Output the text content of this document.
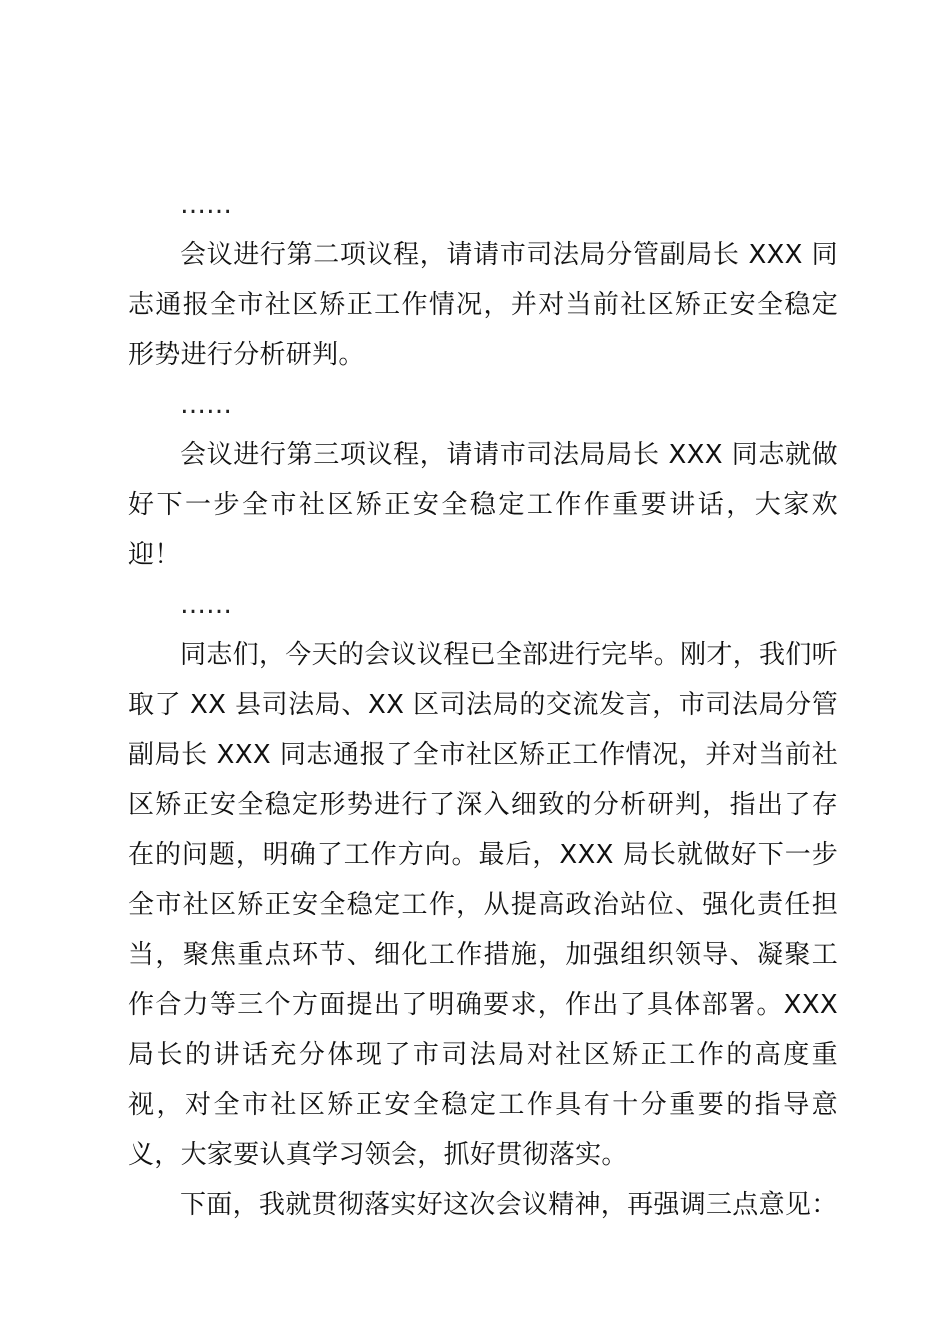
……

会议进行第二项议程，请请市司法局分管副局长 XXX 同志通报全市社区矫正工作情况，并对当前社区矫正安全稳定形势进行分析研判。

……

会议进行第三项议程，请请市司法局局长 XXX 同志就做好下一步全市社区矫正安全稳定工作作重要讲话，大家欢迎！

……

同志们，今天的会议议程已全部进行完毕。刚才，我们听取了 XX 县司法局、XX 区司法局的交流发言，市司法局分管副局长 XXX 同志通报了全市社区矫正工作情况，并对当前社区矫正安全稳定形势进行了深入细致的分析研判，指出了存在的问题，明确了工作方向。最后，XXX 局长就做好下一步全市社区矫正安全稳定工作，从提高政治站位、强化责任担当，聚焦重点环节、细化工作措施，加强组织领导、凝聚工作合力等三个方面提出了明确要求，作出了具体部署。XXX 局长的讲话充分体现了市司法局对社区矫正工作的高度重视，对全市社区矫正安全稳定工作具有十分重要的指导意义，大家要认真学习领会，抓好贯彻落实。

下面，我就贯彻落实好这次会议精神，再强调三点意见：
